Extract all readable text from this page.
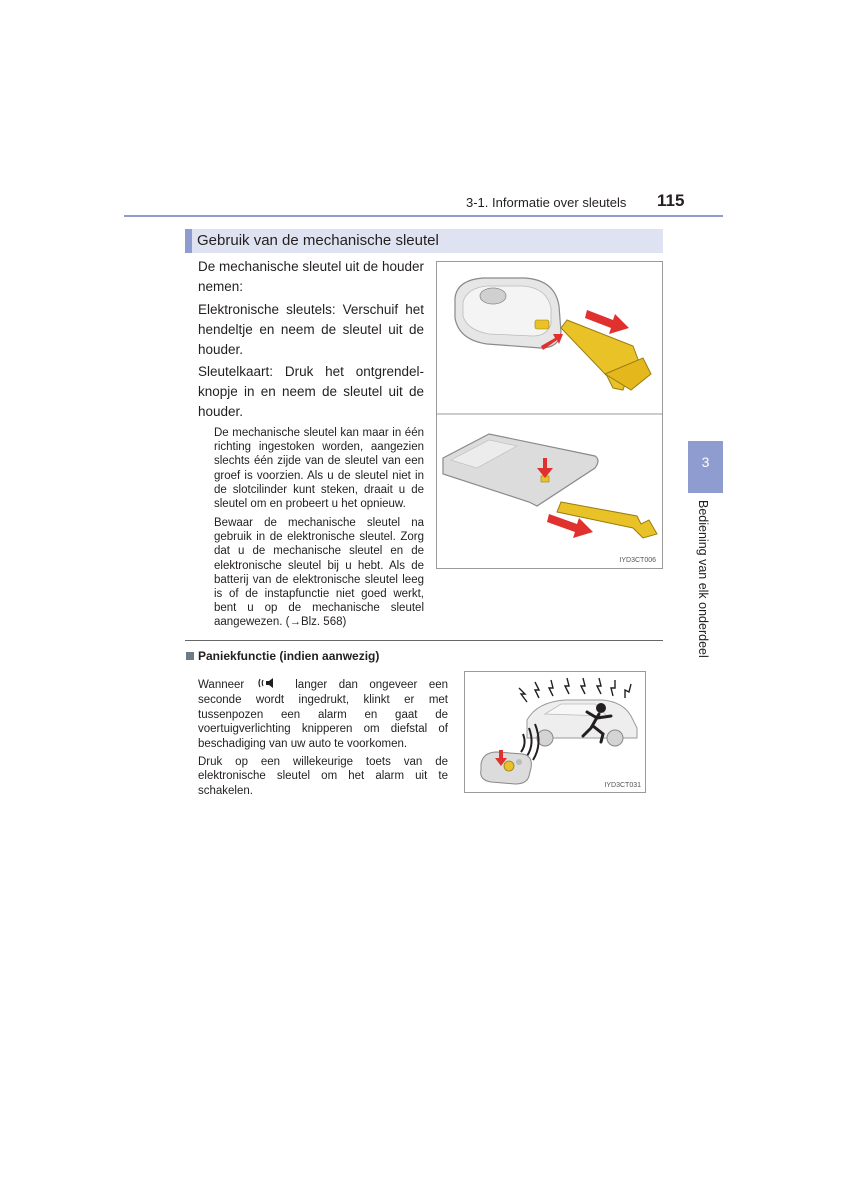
3-1. Informatie over sleutels 115
Gebruik van de mechanische sleutel
De mechanische sleutel uit de houder nemen:
Elektronische sleutels: Verschuif het hendeltje en neem de sleutel uit de houder.
Sleutelkaart: Druk het ontgrendel-knopje in en neem de sleutel uit de houder.
De mechanische sleutel kan maar in één richting ingestoken worden, aangezien slechts één zijde van de sleutel van een groef is voorzien. Als u de sleutel niet in de slotcilinder kunt steken, draait u de sleutel om en probeert u het opnieuw.
Bewaar de mechanische sleutel na gebruik in de elektronische sleutel. Zorg dat u de mechanische sleutel en de elektronische sleutel bij u hebt. Als de batterij van de elektronische sleutel leeg is of de instapfunctie niet goed werkt, bent u op de mechanische sleutel aangewezen. (→Blz. 568)
IYD3CT006
Paniekfunctie (indien aanwezig)
Wanneer	langer dan ongeveer een seconde wordt ingedrukt, klinkt er met tussenpozen een alarm en gaat de voertuigverlichting knipperen om diefstal of beschadiging van uw auto te voorkomen.
Druk op een willekeurige toets van de elektronische sleutel om het alarm uit te schakelen.	IYD3CT031
3
Bediening van elk onderdeel
